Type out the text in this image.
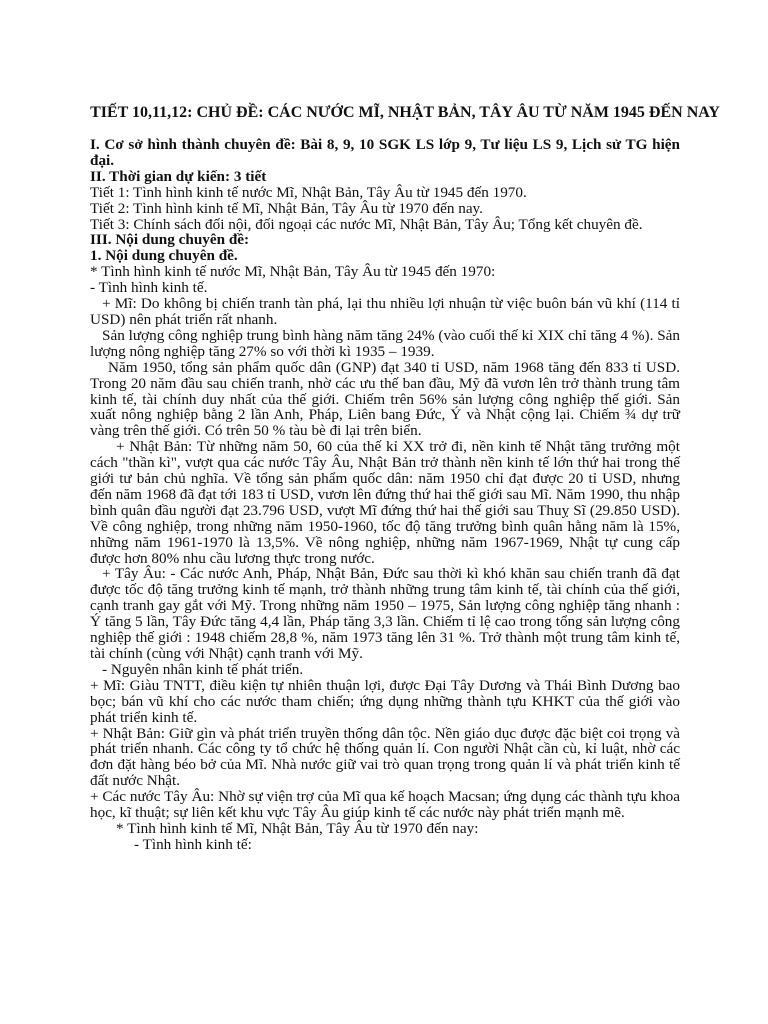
TIẾT 10,11,12: CHỦ ĐỀ: CÁC NƯỚC MĨ, NHẬT BẢN, TÂY ÂU TỪ NĂM 1945 ĐẾN NAY

I. Cơ sở hình thành chuyên đề: Bài 8, 9, 10 SGK LS lớp 9, Tư liệu LS 9, Lịch sử TG hiện đại.

II. Thời gian dự kiến: 3 tiết

Tiết 1: Tình hình kinh tế nước Mĩ, Nhật Bản, Tây Âu từ 1945 đến 1970.

Tiết 2: Tình hình kinh tế Mĩ, Nhật Bản, Tây Âu từ 1970 đến nay.

Tiết 3: Chính sách đối nội, đối ngoại các nước Mĩ, Nhật Bản, Tây Âu; Tổng kết chuyên đề.

III. Nội dung chuyên đề:

1. Nội dung chuyên đề.

* Tình hình kinh tế nước Mĩ, Nhật Bản, Tây Âu từ 1945 đến 1970:

- Tình hình kinh tế.

+ Mĩ: Do không bị chiến tranh tàn phá, lại thu nhiều lợi nhuận từ việc buôn bán vũ khí (114 tỉ USD) nên phát triển rất nhanh.

Sản lượng công nghiệp trung bình hàng năm tăng 24% (vào cuối thế kỉ XIX chỉ tăng 4 %). Sản lượng nông nghiệp tăng 27% so với thời kì 1935 – 1939.

Năm 1950, tổng sản phẩm quốc dân (GNP) đạt 340 tỉ USD, năm 1968 tăng đến 833 tỉ USD. Trong 20 năm đầu sau chiến tranh, nhờ các ưu thế ban đầu, Mỹ đã vươn lên trở thành trung tâm kinh tế, tài chính duy nhất của thế giới. Chiếm trên 56% sản lượng công nghiệp thế giới. Sản xuất nông nghiệp bằng 2 lần Anh, Pháp, Liên bang Đức, Ý và Nhật cộng lại. Chiếm ¾ dự trữ vàng trên thế giới. Có trên 50 % tàu bè đi lại trên biển.

+ Nhật Bản: Từ những năm 50, 60 của thế kỉ XX trở đi, nền kinh tế Nhật tăng trưởng một cách "thần kì", vượt qua các nước Tây Âu, Nhật Bản trở thành nền kinh tế lớn thứ hai trong thế giới tư bản chủ nghĩa. Về tổng sản phẩm quốc dân: năm 1950 chỉ đạt được 20 tỉ USD, nhưng đến năm 1968 đã đạt tới 183 tỉ USD, vươn lên đứng thứ hai thế giới sau Mĩ. Năm 1990, thu nhập bình quân đầu người đạt 23.796 USD, vượt Mĩ đứng thứ hai thế giới sau Thuỵ Sĩ (29.850 USD). Về công nghiệp, trong những năm 1950-1960, tốc độ tăng trưởng bình quân hằng năm là 15%, những năm 1961-1970 là 13,5%. Về nông nghiệp, những năm 1967-1969, Nhật tự cung cấp được hơn 80% nhu cầu lương thực trong nước.

+ Tây Âu: - Các nước Anh, Pháp, Nhật Bản, Đức sau thời kì khó khăn sau chiến tranh đã đạt được tốc độ tăng trưởng kinh tế mạnh, trở thành những trung tâm kinh tế, tài chính của thế giới, cạnh tranh gay gắt với Mỹ. Trong những năm 1950 – 1975, Sản lượng công nghiệp tăng nhanh : Ý tăng 5 lần, Tây Đức tăng 4,4 lần, Pháp tăng 3,3 lần. Chiếm tỉ lệ cao trong tổng sản lượng công nghiệp thế giới : 1948 chiếm 28,8 %, năm 1973 tăng lên 31 %. Trở thành một trung tâm kinh tế, tài chính (cùng với Nhật) cạnh tranh với Mỹ.

- Nguyên nhân kinh tế phát triển.

+ Mĩ: Giàu TNTT, điều kiện tự nhiên thuận lợi, được Đại Tây Dương và Thái Bình Dương bao bọc; bán vũ khí cho các nước tham chiến; ứng dụng những thành tựu KHKT của thế giới vào phát triển kinh tế.

+ Nhật Bản: Giữ gìn và phát triển truyền thống dân tộc. Nền giáo dục được đặc biệt coi trọng và phát triển nhanh. Các công ty tổ chức hệ thống quản lí. Con người Nhật cần cù, kỉ luật, nhờ các đơn đặt hàng béo bở của Mĩ. Nhà nước giữ vai trò quan trọng trong quản lí và phát triển kinh tế đất nước Nhật.

+ Các nước Tây Âu: Nhờ sự viện trợ của Mĩ qua kế hoạch Macsan; ứng dụng các thành tựu khoa học, kĩ thuật; sự liên kết khu vực Tây Âu giúp kinh tế các nước này phát triển mạnh mẽ.

* Tình hình kinh tế Mĩ, Nhật Bản, Tây Âu từ 1970 đến nay:

- Tình hình kinh tế:
